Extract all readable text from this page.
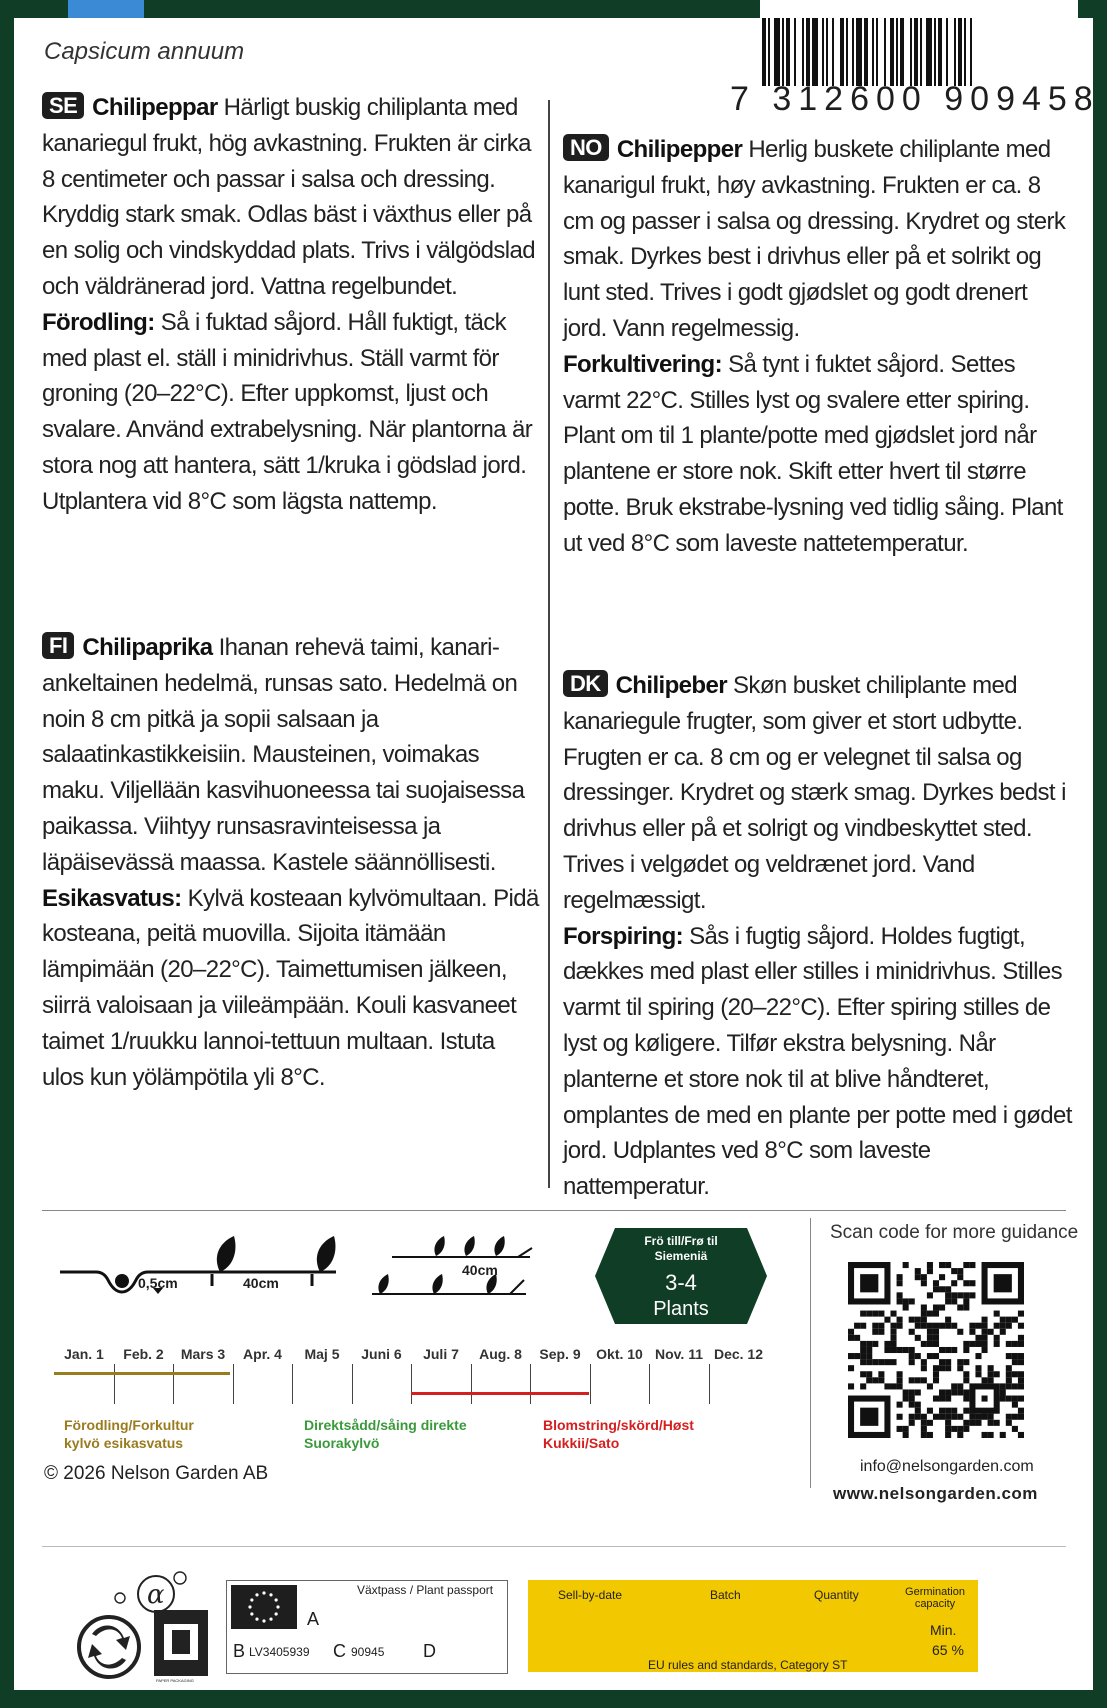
7 312600 909458
Capsicum annuum
SE Chilipeppar Härligt buskig chiliplanta med kanariegul frukt, hög avkastning. Frukten är cirka 8 centimeter och passar i salsa och dressing. Kryddig stark smak. Odlas bäst i växthus eller på en solig och vindskyddad plats. Trivs i välgödslad och väldränerad jord. Vattna regelbundet.
Förodling: Så i fuktad såjord. Håll fuktigt, täck med plast el. ställ i minidrivhus. Ställ varmt för groning (20–22°C). Efter uppkomst, ljust och svalare. Använd extrabelysning. När plantorna är stora nog att hantera, sätt 1/kruka i gödslad jord. Utplantera vid 8°C som lägsta nattemp.
NO Chilipepper Herlig buskete chiliplante med kanarigul frukt, høy avkastning. Frukten er ca. 8 cm og passer i salsa og dressing. Krydret og sterk smak. Dyrkes best i drivhus eller på et solrikt og lunt sted. Trives i godt gjødslet og godt drenert jord. Vann regelmessig.
Forkultivering: Så tynt i fuktet såjord. Settes varmt 22°C. Stilles lyst og svalere etter spiring. Plant om til 1 plante/potte med gjødslet jord når plantene er store nok. Skift etter hvert til større potte. Bruk ekstrabe-lysning ved tidlig såing. Plant ut ved 8°C som laveste nattetemperatur.
FI Chilipaprika Ihanan rehevä taimi, kanari-ankeltainen hedelmä, runsas sato. Hedelmä on noin 8 cm pitkä ja sopii salsaan ja salaatinkastikkeisiin. Mausteinen, voimakas maku. Viljellään kasvihuoneessa tai suojaisessa paikassa. Viihtyy runsasravinteisessa ja läpäisevässä maassa. Kastele säännöllisesti.
Esikasvatus: Kylvä kosteaan kylvömultaan. Pidä kosteana, peitä muovilla. Sijoita itämään lämpimään (20–22°C). Taimettumisen jälkeen, siirrä valoisaan ja viileämpään. Kouli kasvaneet taimet 1/ruukku lannoi-tettuun multaan. Istuta ulos kun yölämpötila yli 8°C.
DK Chilipeber Skøn busket chiliplante med kanariegule frugter, som giver et stort udbytte. Frugten er ca. 8 cm og er velegnet til salsa og dressinger. Krydret og stærk smag. Dyrkes bedst i drivhus eller på et solrigt og vindbeskyttet sted. Trives i velgødet og veldrænet jord. Vand regelmæssigt.
Forspiring: Sås i fugtig såjord. Holdes fugtigt, dækkes med plast eller stilles i minidrivhus. Stilles varmt til spiring (20–22°C). Efter spiring stilles de lyst og køligere. Tilfør ekstra belysning. Når planterne et store nok til at blive håndteret, omplantes de med en plante per potte med i gødet jord. Udplantes ved 8°C som laveste nattemperatur.
0,5cm	40cm
40cm
Frö till/Frø til Siemeniä
3-4
Plants
Jan. 1	Feb. 2	Mars 3	Apr. 4	Maj 5	Juni 6	Juli 7	Aug. 8	Sep. 9	Okt. 10 Nov. 11 Dec. 12
Förodling/Forkultur
kylvö esikasvatus
Direktsådd/såing direkte
Suorakylvö
Blomstring/skörd/Høst
Kukkii/Sato
© 2026 Nelson Garden AB
Scan code for more guidance
info@nelsongarden.com
www.nelsongarden.com
α
PAPER PACKAGING
Växtpass / Plant passport
A
B LV3405939 C 90945 D
Sell-by-date	Batch	Quantity	Germination capacity
Min.
65 %
EU rules and standards, Category ST
